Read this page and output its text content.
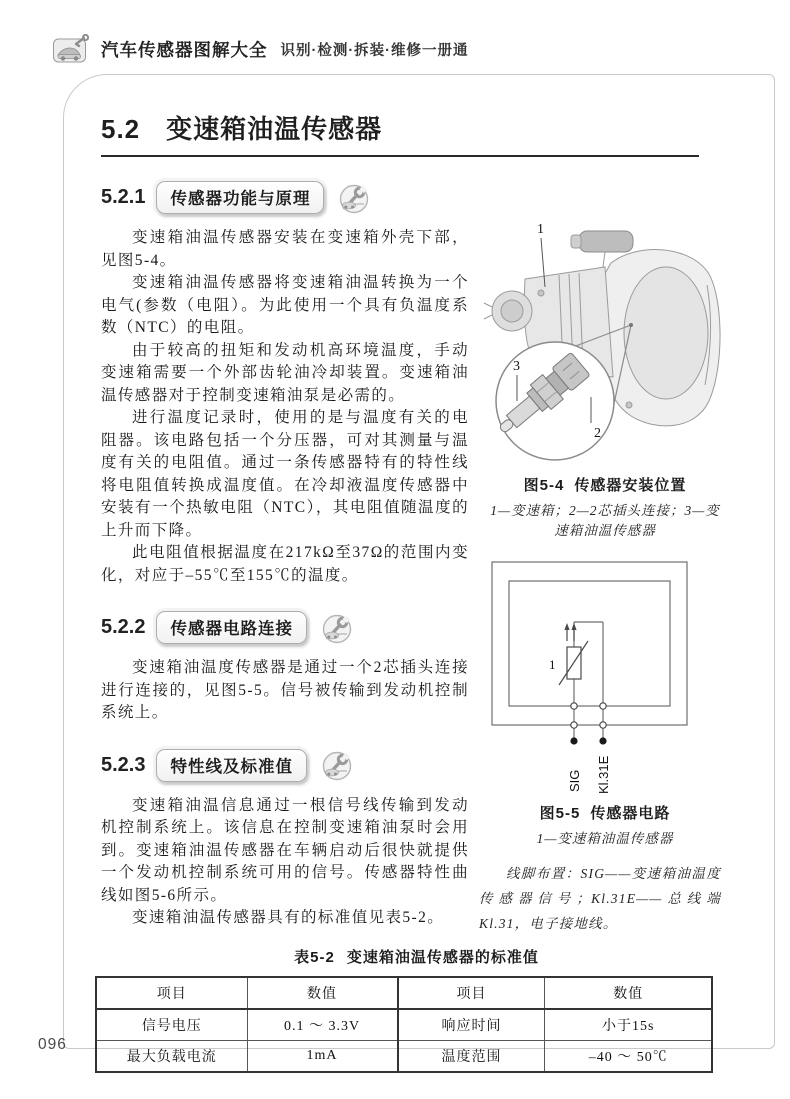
汽车传感器图解大全 识别·检测·拆装·维修一册通
5.2 变速箱油温传感器
5.2.1	传感器功能与原理

变速箱油温传感器安装在变速箱外壳下部，见图5-4。

变速箱油温传感器将变速箱油温转换为一个电气(参数（电阻）。为此使用一个具有负温度系数（NTC）的电阻。

由于较高的扭矩和发动机高环境温度，手动变速箱需要一个外部齿轮油冷却装置。变速箱油温传感器对于控制变速箱油泵是必需的。

进行温度记录时，使用的是与温度有关的电阻器。该电路包括一个分压器，可对其测量与温度有关的电阻值。通过一条传感器特有的特性线将电阻值转换成温度值。在冷却液温度传感器中安装有一个热敏电阻（NTC），其电阻值随温度的上升而下降。

此电阻值根据温度在217kΩ至37Ω的范围内变化，对应于–55℃至155℃的温度。

5.2.2	传感器电路连接

变速箱油温度传感器是通过一个2芯插头连接进行连接的，见图5-5。信号被传输到发动机控制系统上。

5.2.3	特性线及标准值

变速箱油温信息通过一根信号线传输到发动机控制系统上。该信息在控制变速箱油泵时会用到。变速箱油温传感器在车辆启动后很快就提供一个发动机控制系统可用的信号。传感器特性曲线如图5-6所示。

变速箱油温传感器具有的标准值见表5-2。

1
3
2
图5-4 传感器安装位置
1—变速箱；2—2芯插头连接；3—变速箱油温传感器
1
SIG Kl.31E
图5-5 传感器电路
1—变速箱油温传感器

线脚布置：SIG——变速箱油温度传感器信号；Kl.31E——总线端Kl.31，电子接地线。

表5-2 变速箱油温传感器的标准值
项目	数值	项目	数值
信号电压	0.1 ～ 3.3V	响应时间	小于15s
最大负载电流	1mA	温度范围	–40 ～ 50℃
096
